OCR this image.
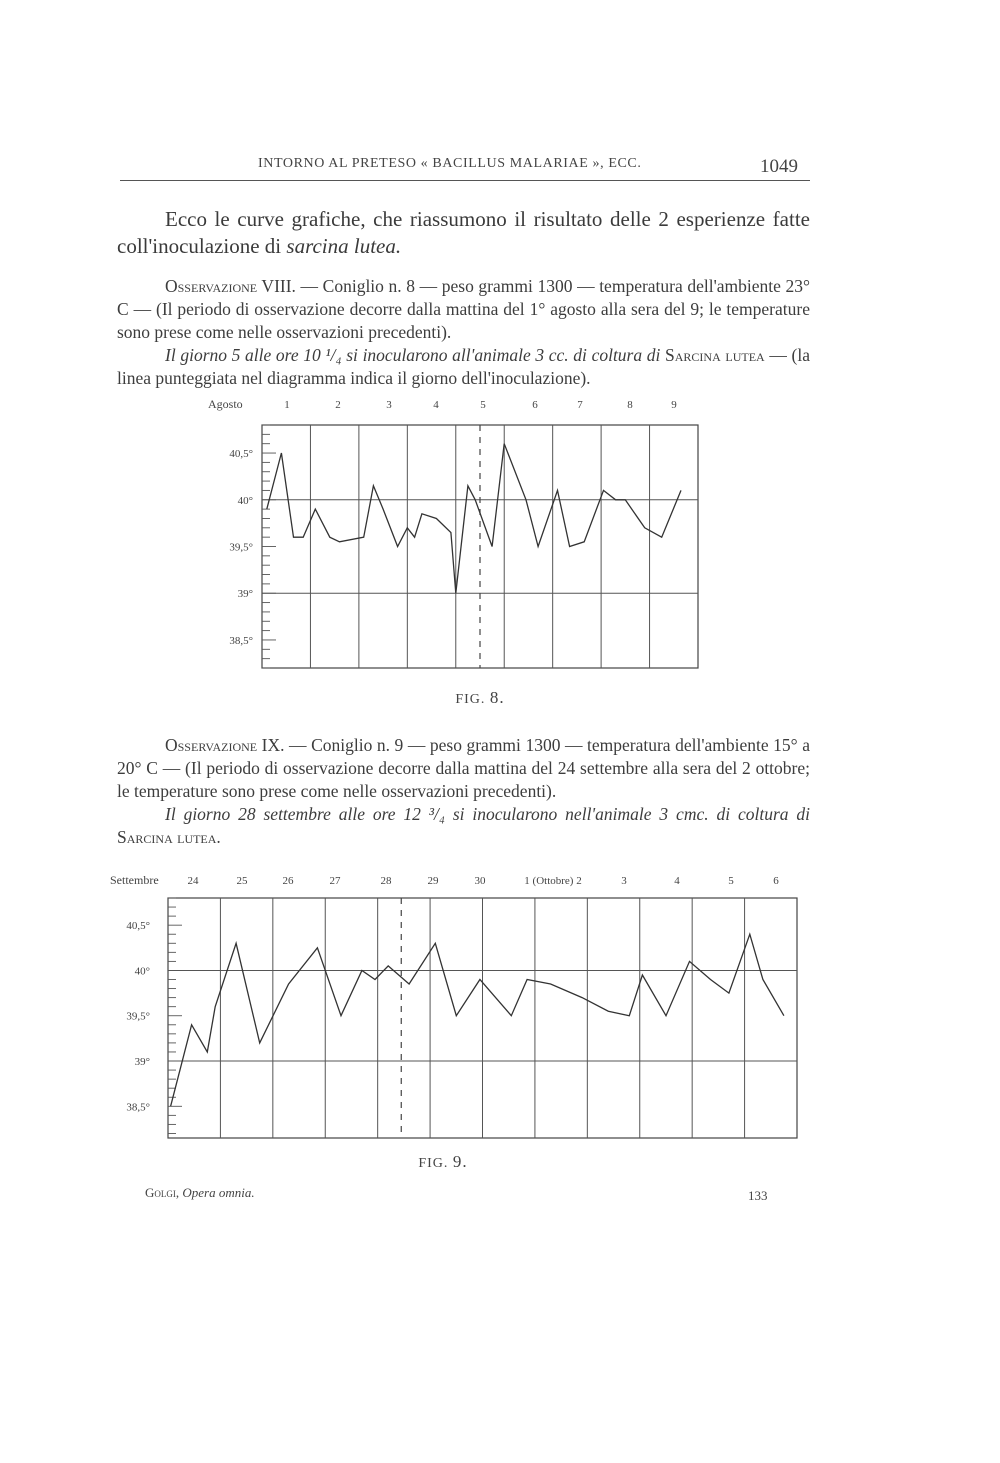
INTORNO AL PRETESO « BACILLUS MALARIAE », ECC.	1049

Ecco le curve grafiche, che riassumono il risultato delle 2 esperienze fatte coll'inoculazione di sarcina lutea.

Osservazione VIII. — Coniglio n. 8 — peso grammi 1300 — temperatura dell'ambiente 23° C — (Il periodo di osservazione decorre dalla mattina del 1° agosto alla sera del 9; le temperature sono prese come nelle osservazioni precedenti).

Il giorno 5 alle ore 10 ¹/₄ si inocularono all'animale 3 cc. di coltura di Sarcina lutea — (la linea punteggiata nel diagramma indica il giorno dell'inoculazione).

40,5°
40°
39,5°
39°
38,5°
Agosto	1	2	3	4	5	6	7	8	9
FIG. 8.

Osservazione IX. — Coniglio n. 9 — peso grammi 1300 — temperatura dell'ambiente 15° a 20° C — (Il periodo di osservazione decorre dalla mattina del 24 settembre alla sera del 2 ottobre; le temperature sono prese come nelle osservazioni precedenti).

Il giorno 28 settembre alle ore 12 ³/₄ si inocularono nell'animale 3 cmc. di coltura di Sarcina lutea.

40,5°
40°
39,5°
39°
38,5°
Settembre	24	25	26	27	28	29	30	1 (Ottobre) 2	3	4	5	6
FIG. 9.
Golgi, Opera omnia.	133
